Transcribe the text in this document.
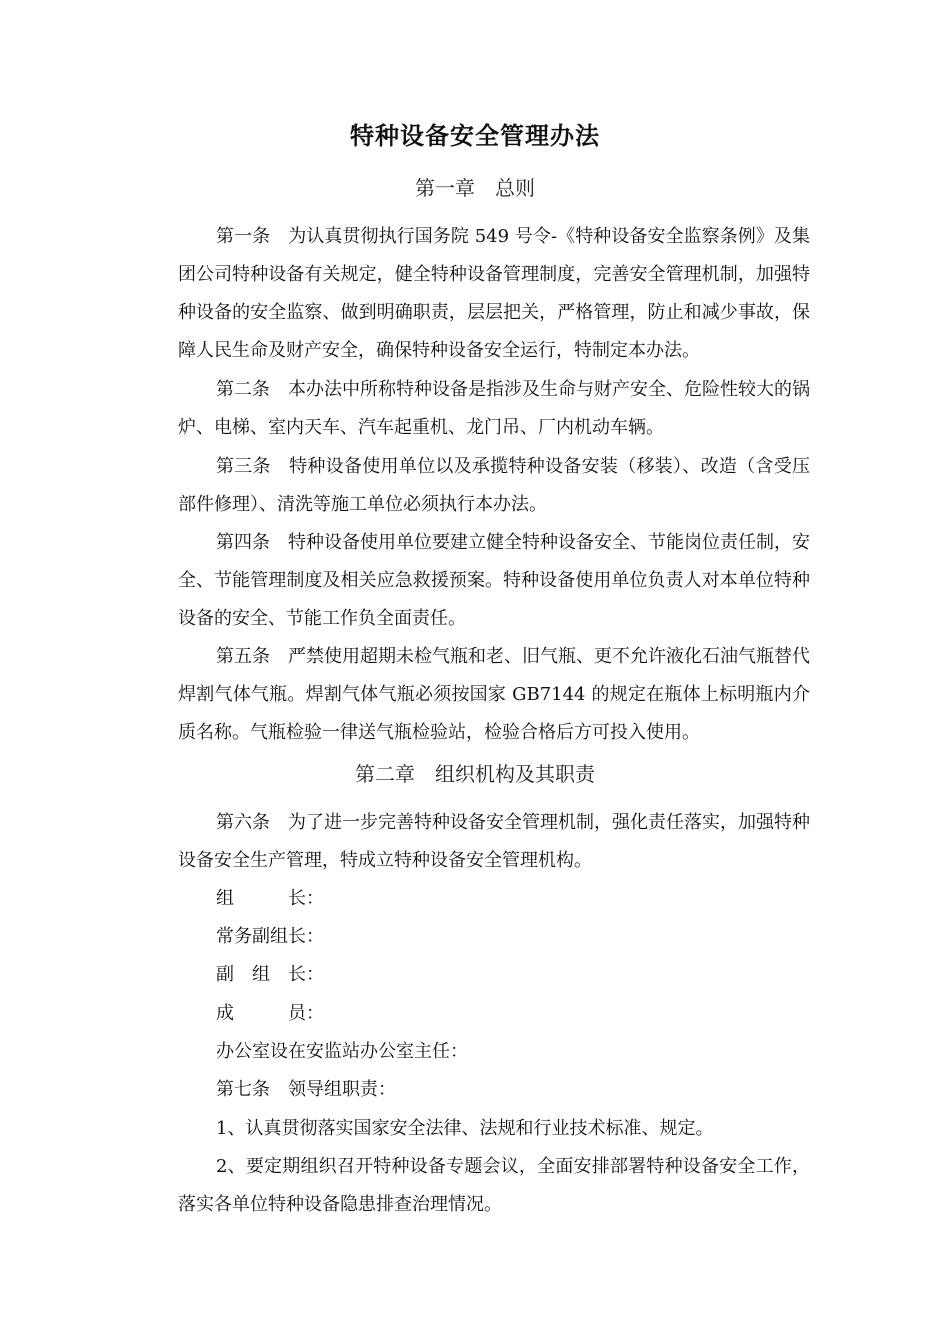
特种设备安全管理办法
第一章　总则
第一条　为认真贯彻执行国务院 549 号令-《特种设备安全监察条例》及集团公司特种设备有关规定，健全特种设备管理制度，完善安全管理机制，加强特种设备的安全监察、做到明确职责，层层把关，严格管理，防止和减少事故，保障人民生命及财产安全，确保特种设备安全运行，特制定本办法。
第二条　本办法中所称特种设备是指涉及生命与财产安全、危险性较大的锅炉、电梯、室内天车、汽车起重机、龙门吊、厂内机动车辆。
第三条　特种设备使用单位以及承揽特种设备安装（移装）、改造（含受压部件修理）、清洗等施工单位必须执行本办法。
第四条　特种设备使用单位要建立健全特种设备安全、节能岗位责任制，安全、节能管理制度及相关应急救援预案。特种设备使用单位负责人对本单位特种设备的安全、节能工作负全面责任。
第五条　严禁使用超期未检气瓶和老、旧气瓶、更不允许液化石油气瓶替代焊割气体气瓶。焊割气体气瓶必须按国家 GB7144 的规定在瓶体上标明瓶内介质名称。气瓶检验一律送气瓶检验站，检验合格后方可投入使用。
第二章　组织机构及其职责
第六条　为了进一步完善特种设备安全管理机制，强化责任落实，加强特种设备安全生产管理，特成立特种设备安全管理机构。
组　　　长：
常务副组长：
副　组　长：
成　　　员：
办公室设在安监站办公室主任：
第七条　领导组职责：
1、认真贯彻落实国家安全法律、法规和行业技术标准、规定。
2、要定期组织召开特种设备专题会议，全面安排部署特种设备安全工作，落实各单位特种设备隐患排查治理情况。
